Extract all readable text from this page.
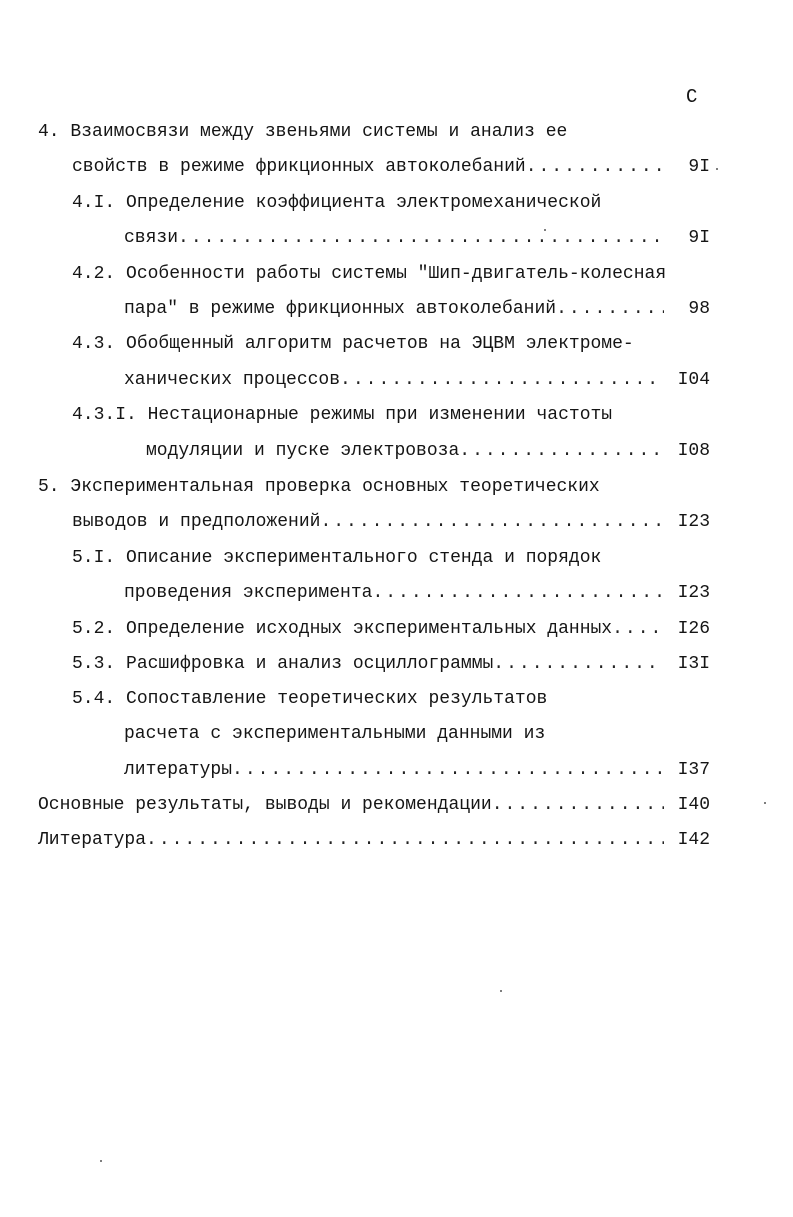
C
4. Взаимосвязи между звеньями системы и анализ ее
свойств в режиме фрикционных автоколебаний .....	9I
4.I. Определение коэффициента электромеханической
связи .....	9I
4.2. Особенности работы системы "Шип-двигатель-колесная
пара" в режиме фрикционных автоколебаний .....	98
4.3. Обобщенный алгоритм расчетов на ЭЦВМ электроме-
ханических процессов .....	I04
4.3.I. Нестационарные режимы при изменении частоты
модуляции и пуске электровоза .....	I08
5. Экспериментальная проверка основных теоретических
выводов и предположений .....	I23
5.I. Описание экспериментального стенда и порядок
проведения эксперимента .....	I23
5.2. Определение исходных экспериментальных данных .....	I26
5.3. Расшифровка и анализ осциллограммы .....	I3I
5.4. Сопоставление теоретических результатов
расчета с экспериментальными данными из
литературы .....	I37
Основные результаты, выводы и рекомендации .....	I40
Литература .....	I42
